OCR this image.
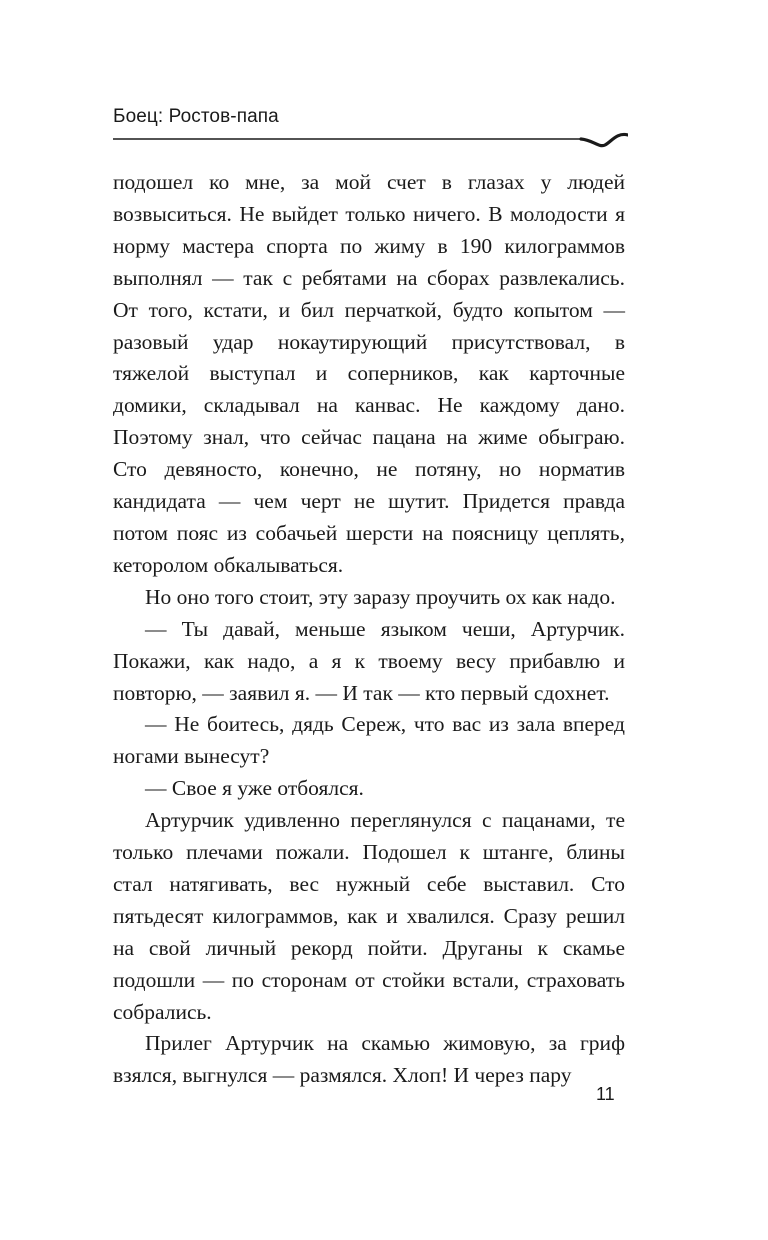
Боец: Ростов-папа

подошел ко мне, за мой счет в глазах у людей возвыситься. Не выйдет только ничего. В молодости я норму мастера спорта по жиму в 190 килограммов выполнял — так с ребятами на сборах развлекались. От того, кстати, и бил перчаткой, будто копытом — разовый удар нокаутирующий присутствовал, в тяжелой выступал и соперников, как карточные домики, складывал на канвас. Не каждому дано. Поэтому знал, что сейчас пацана на жиме обыграю. Сто девяносто, конечно, не потяну, но норматив кандидата — чем черт не шутит. Придется правда потом пояс из собачьей шерсти на поясницу цеплять, кеторолом обкалываться.

Но оно того стоит, эту заразу проучить ох как надо.

— Ты давай, меньше языком чеши, Артурчик. Покажи, как надо, а я к твоему весу прибавлю и повторю, — заявил я. — И так — кто первый сдохнет.

— Не боитесь, дядь Сереж, что вас из зала вперед ногами вынесут?

— Свое я уже отбоялся.

Артурчик удивленно переглянулся с пацанами, те только плечами пожали. Подошел к штанге, блины стал натягивать, вес нужный себе выставил. Сто пятьдесят килограммов, как и хвалился. Сразу решил на свой личный рекорд пойти. Друганы к скамье подошли — по сторонам от стойки встали, страховать собрались.

Прилег Артурчик на скамью жимовую, за гриф взялся, выгнулся — размялся. Хлоп! И через пару

11
